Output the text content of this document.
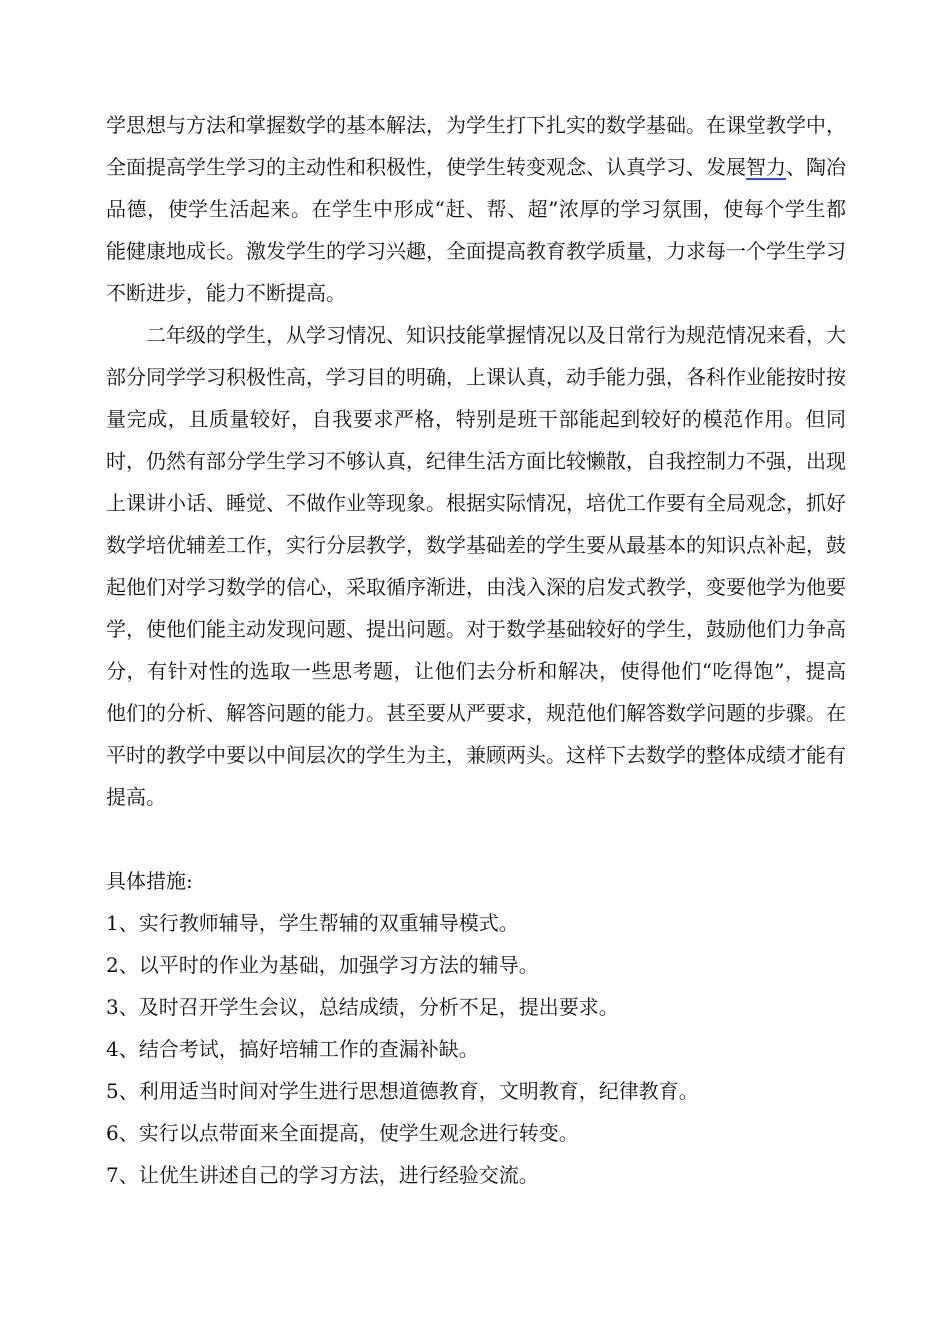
学思想与方法和掌握数学的基本解法，为学生打下扎实的数学基础。在课堂教学中，全面提高学生学习的主动性和积极性，使学生转变观念、认真学习、发展智力、陶冶品德，使学生活起来。在学生中形成“赶、帮、超”浓厚的学习氛围，使每个学生都能健康地成长。激发学生的学习兴趣，全面提高教育教学质量，力求每一个学生学习不断进步，能力不断提高。

二年级的学生，从学习情况、知识技能掌握情况以及日常行为规范情况来看，大部分同学学习积极性高，学习目的明确，上课认真，动手能力强，各科作业能按时按量完成，且质量较好，自我要求严格，特别是班干部能起到较好的模范作用。但同时，仍然有部分学生学习不够认真，纪律生活方面比较懒散，自我控制力不强，出现上课讲小话、睡觉、不做作业等现象。根据实际情况，培优工作要有全局观念，抓好数学培优辅差工作，实行分层教学，数学基础差的学生要从最基本的知识点补起，鼓起他们对学习数学的信心，采取循序渐进，由浅入深的启发式教学，变要他学为他要学，使他们能主动发现问题、提出问题。对于数学基础较好的学生，鼓励他们力争高分，有针对性的选取一些思考题，让他们去分析和解决，使得他们“吃得饱”，提高他们的分析、解答问题的能力。甚至要从严要求，规范他们解答数学问题的步骤。在平时的教学中要以中间层次的学生为主，兼顾两头。这样下去数学的整体成绩才能有提高。

具体措施:

1、实行教师辅导，学生帮辅的双重辅导模式。

2、以平时的作业为基础，加强学习方法的辅导。

3、及时召开学生会议，总结成绩，分析不足，提出要求。

4、结合考试，搞好培辅工作的查漏补缺。

5、利用适当时间对学生进行思想道德教育，文明教育，纪律教育。

6、实行以点带面来全面提高，使学生观念进行转变。

7、让优生讲述自己的学习方法，进行经验交流。
